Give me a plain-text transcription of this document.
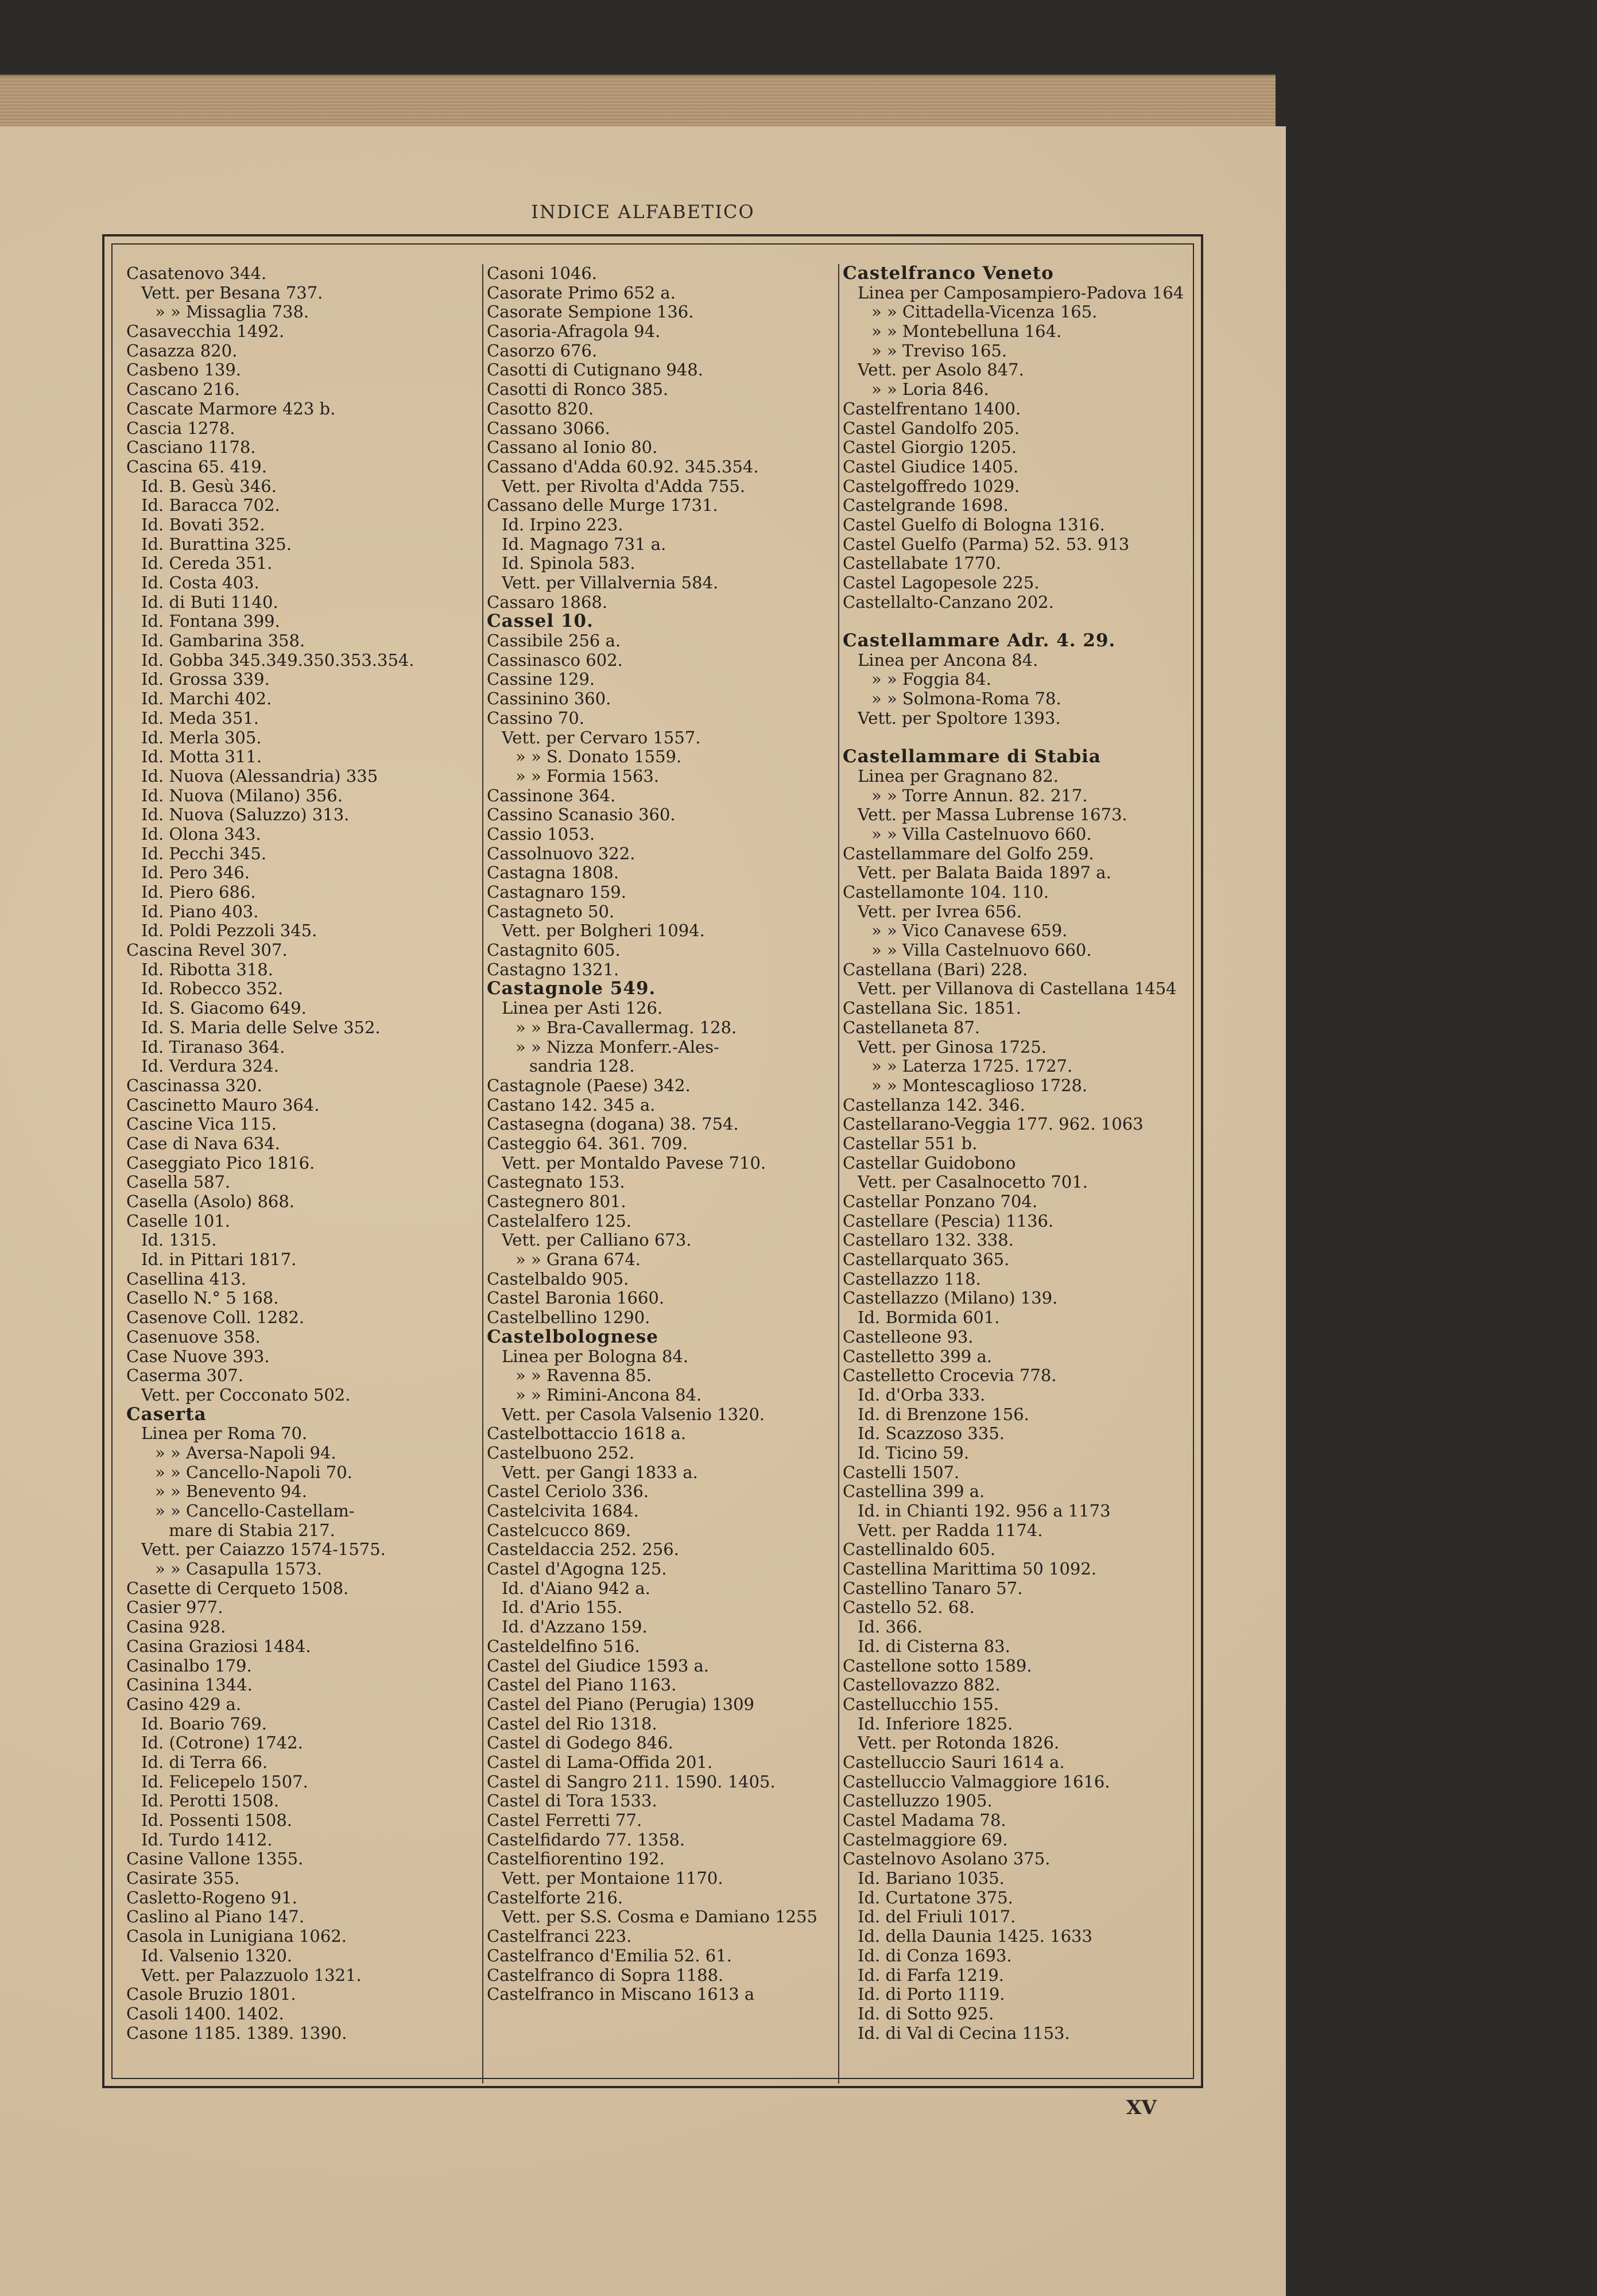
INDICE ALFABETICO
Casatenovo 344.
Vett. per Besana 737.
» » Missaglia 738.
Casavecchia 1492.
Casazza 820.
Casbeno 139.
Cascano 216.
Cascate Marmore 423 b.
Cascia 1278.
Casciano 1178.
Cascina 65. 419.
Id. B. Gesù 346.
Id. Baracca 702.
Id. Bovati 352.
Id. Burattina 325.
Id. Cereda 351.
Id. Costa 403.
Id. di Buti 1140.
Id. Fontana 399.
Id. Gambarina 358.
Id. Gobba 345.349.350.353.354.
Id. Grossa 339.
Id. Marchi 402.
Id. Meda 351.
Id. Merla 305.
Id. Motta 311.
Id. Nuova (Alessandria) 335
Id. Nuova (Milano) 356.
Id. Nuova (Saluzzo) 313.
Id. Olona 343.
Id. Pecchi 345.
Id. Pero 346.
Id. Piero 686.
Id. Piano 403.
Id. Poldi Pezzoli 345.
Cascina Revel 307.
Id. Ribotta 318.
Id. Robecco 352.
Id. S. Giacomo 649.
Id. S. Maria delle Selve 352.
Id. Tiranaso 364.
Id. Verdura 324.
Cascinassa 320.
Cascinetto Mauro 364.
Cascine Vica 115.
Case di Nava 634.
Caseggiato Pico 1816.
Casella 587.
Casella (Asolo) 868.
Caselle 101.
Id. 1315.
Id. in Pittari 1817.
Casellina 413.
Casello N.° 5 168.
Casenove Coll. 1282.
Casenuove 358.
Case Nuove 393.
Caserma 307.
Vett. per Cocconato 502.
Caserta
Linea per Roma 70.
» » Aversa-Napoli 94.
» » Cancello-Napoli 70.
» » Benevento 94.
» » Cancello-Castellam-
mare di Stabia 217.
Vett. per Caiazzo 1574-1575.
» » Casapulla 1573.
Casette di Cerqueto 1508.
Casier 977.
Casina 928.
Casina Graziosi 1484.
Casinalbo 179.
Casinina 1344.
Casino 429 a.
Id. Boario 769.
Id. (Cotrone) 1742.
Id. di Terra 66.
Id. Felicepelo 1507.
Id. Perotti 1508.
Id. Possenti 1508.
Id. Turdo 1412.
Casine Vallone 1355.
Casirate 355.
Casletto-Rogeno 91.
Caslino al Piano 147.
Casola in Lunigiana 1062.
Id. Valsenio 1320.
Vett. per Palazzuolo 1321.
Casole Bruzio 1801.
Casoli 1400. 1402.
Casone 1185. 1389. 1390.
Casoni 1046.
Casorate Primo 652 a.
Casorate Sempione 136.
Casoria-Afragola 94.
Casorzo 676.
Casotti di Cutignano 948.
Casotti di Ronco 385.
Casotto 820.
Cassano 3066.
Cassano al Ionio 80.
Cassano d'Adda 60.92. 345.354.
Vett. per Rivolta d'Adda 755.
Cassano delle Murge 1731.
Id. Irpino 223.
Id. Magnago 731 a.
Id. Spinola 583.
Vett. per Villalvernia 584.
Cassaro 1868.
Cassel 10.
Cassibile 256 a.
Cassinasco 602.
Cassine 129.
Cassinino 360.
Cassino 70.
Vett. per Cervaro 1557.
» » S. Donato 1559.
» » Formia 1563.
Cassinone 364.
Cassino Scanasio 360.
Cassio 1053.
Cassolnuovo 322.
Castagna 1808.
Castagnaro 159.
Castagneto 50.
Vett. per Bolgheri 1094.
Castagnito 605.
Castagno 1321.
Castagnole 549.
Linea per Asti 126.
» » Bra-Cavallermag. 128.
» » Nizza Monferr.-Ales-
sandria 128.
Castagnole (Paese) 342.
Castano 142. 345 a.
Castasegna (dogana) 38. 754.
Casteggio 64. 361. 709.
Vett. per Montaldo Pavese 710.
Castegnato 153.
Castegnero 801.
Castelalfero 125.
Vett. per Calliano 673.
» » Grana 674.
Castelbaldo 905.
Castel Baronia 1660.
Castelbellino 1290.
Castelbolognese
Linea per Bologna 84.
» » Ravenna 85.
» » Rimini-Ancona 84.
Vett. per Casola Valsenio 1320.
Castelbottaccio 1618 a.
Castelbuono 252.
Vett. per Gangi 1833 a.
Castel Ceriolo 336.
Castelcivita 1684.
Castelcucco 869.
Casteldaccia 252. 256.
Castel d'Agogna 125.
Id. d'Aiano 942 a.
Id. d'Ario 155.
Id. d'Azzano 159.
Casteldelfino 516.
Castel del Giudice 1593 a.
Castel del Piano 1163.
Castel del Piano (Perugia) 1309
Castel del Rio 1318.
Castel di Godego 846.
Castel di Lama-Offida 201.
Castel di Sangro 211. 1590. 1405.
Castel di Tora 1533.
Castel Ferretti 77.
Castelfidardo 77. 1358.
Castelfiorentino 192.
Vett. per Montaione 1170.
Castelforte 216.
Vett. per S.S. Cosma e Damiano 1255
Castelfranci 223.
Castelfranco d'Emilia 52. 61.
Castelfranco di Sopra 1188.
Castelfranco in Miscano 1613 a
Castelfranco Veneto
Linea per Camposampiero-Padova 164
» » Cittadella-Vicenza 165.
» » Montebelluna 164.
» » Treviso 165.
Vett. per Asolo 847.
» » Loria 846.
Castelfrentano 1400.
Castel Gandolfo 205.
Castel Giorgio 1205.
Castel Giudice 1405.
Castelgoffredo 1029.
Castelgrande 1698.
Castel Guelfo di Bologna 1316.
Castel Guelfo (Parma) 52. 53. 913
Castellabate 1770.
Castel Lagopesole 225.
Castellalto-Canzano 202.
Castellammare Adr. 4. 29.
Linea per Ancona 84.
» » Foggia 84.
» » Solmona-Roma 78.
Vett. per Spoltore 1393.
Castellammare di Stabia
Linea per Gragnano 82.
» » Torre Annun. 82. 217.
Vett. per Massa Lubrense 1673.
» » Villa Castelnuovo 660.
Castellammare del Golfo 259.
Vett. per Balata Baida 1897 a.
Castellamonte 104. 110.
Vett. per Ivrea 656.
» » Vico Canavese 659.
» » Villa Castelnuovo 660.
Castellana (Bari) 228.
Vett. per Villanova di Castellana 1454
Castellana Sic. 1851.
Castellaneta 87.
Vett. per Ginosa 1725.
» » Laterza 1725. 1727.
» » Montescaglioso 1728.
Castellanza 142. 346.
Castellarano-Veggia 177. 962. 1063
Castellar 551 b.
Castellar Guidobono
Vett. per Casalnocetto 701.
Castellar Ponzano 704.
Castellare (Pescia) 1136.
Castellaro 132. 338.
Castellarquato 365.
Castellazzo 118.
Castellazzo (Milano) 139.
Id. Bormida 601.
Castelleone 93.
Castelletto 399 a.
Castelletto Crocevia 778.
Id. d'Orba 333.
Id. di Brenzone 156.
Id. Scazzoso 335.
Id. Ticino 59.
Castelli 1507.
Castellina 399 a.
Id. in Chianti 192. 956 a 1173
Vett. per Radda 1174.
Castellinaldo 605.
Castellina Marittima 50 1092.
Castellino Tanaro 57.
Castello 52. 68.
Id. 366.
Id. di Cisterna 83.
Castellone sotto 1589.
Castellovazzo 882.
Castellucchio 155.
Id. Inferiore 1825.
Vett. per Rotonda 1826.
Castelluccio Sauri 1614 a.
Castelluccio Valmaggiore 1616.
Castelluzzo 1905.
Castel Madama 78.
Castelmaggiore 69.
Castelnovo Asolano 375.
Id. Bariano 1035.
Id. Curtatone 375.
Id. del Friuli 1017.
Id. della Daunia 1425. 1633
Id. di Conza 1693.
Id. di Farfa 1219.
Id. di Porto 1119.
Id. di Sotto 925.
Id. di Val di Cecina 1153.
XV
